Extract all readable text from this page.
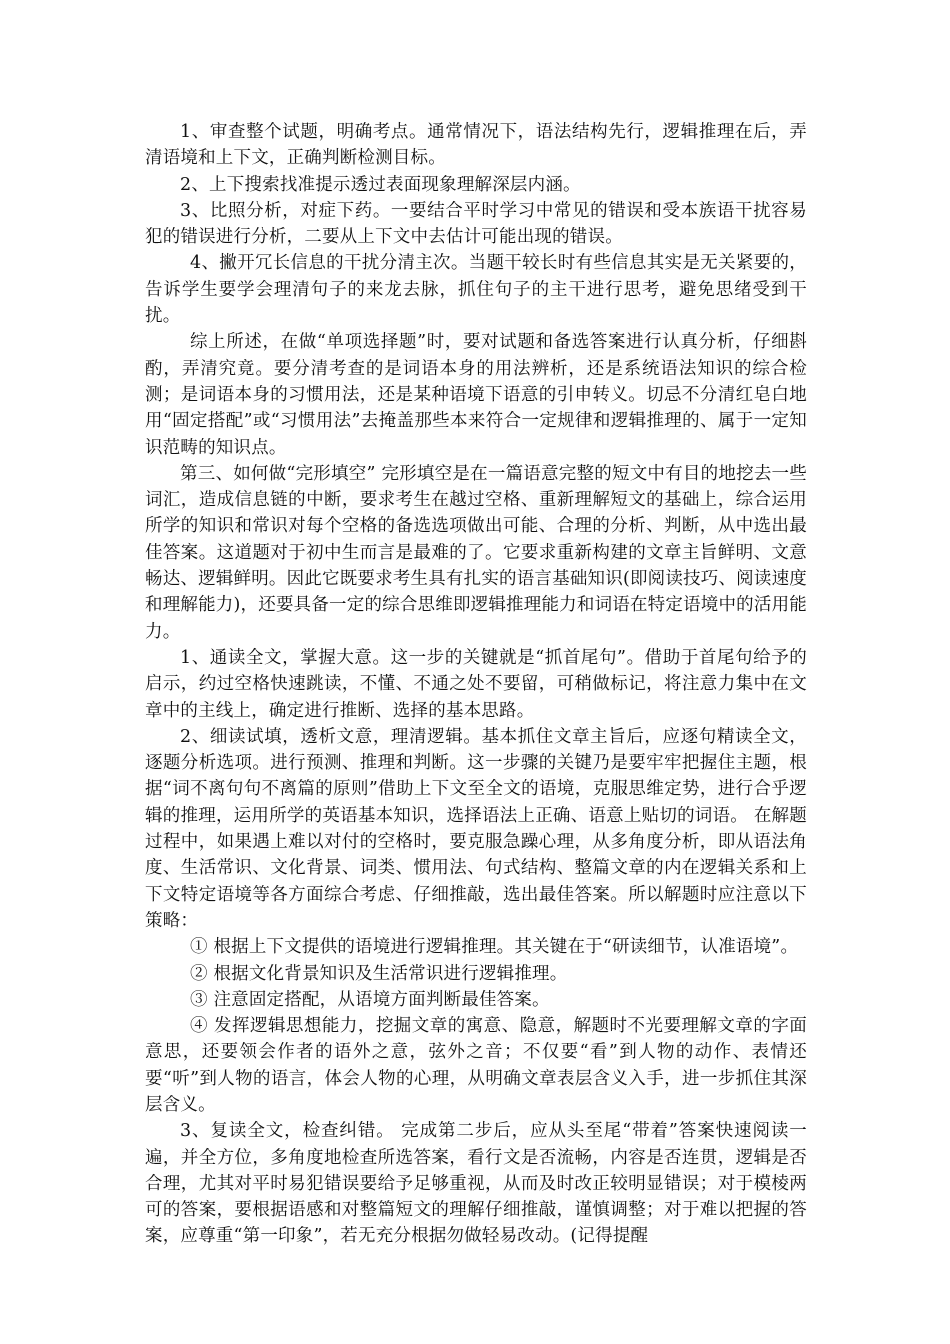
1、审查整个试题，明确考点。通常情况下，语法结构先行，逻辑推理在后，弄清语境和上下文，正确判断检测目标。

2、上下搜索找准提示透过表面现象理解深层内涵。

3、比照分析，对症下药。一要结合平时学习中常见的错误和受本族语干扰容易犯的错误进行分析，二要从上下文中去估计可能出现的错误。

4、撇开冗长信息的干扰分清主次。当题干较长时有些信息其实是无关紧要的，告诉学生要学会理清句子的来龙去脉，抓住句子的主干进行思考，避免思绪受到干扰。

综上所述，在做“单项选择题”时，要对试题和备选答案进行认真分析，仔细斟酌，弄清究竟。要分清考查的是词语本身的用法辨析，还是系统语法知识的综合检测；是词语本身的习惯用法，还是某种语境下语意的引申转义。切忌不分清红皂白地用“固定搭配”或“习惯用法”去掩盖那些本来符合一定规律和逻辑推理的、属于一定知识范畴的知识点。

第三、如何做“完形填空” 完形填空是在一篇语意完整的短文中有目的地挖去一些词汇，造成信息链的中断，要求考生在越过空格、重新理解短文的基础上，综合运用所学的知识和常识对每个空格的备选选项做出可能、合理的分析、判断，从中选出最佳答案。这道题对于初中生而言是最难的了。它要求重新构建的文章主旨鲜明、文意畅达、逻辑鲜明。因此它既要求考生具有扎实的语言基础知识(即阅读技巧、阅读速度和理解能力)，还要具备一定的综合思维即逻辑推理能力和词语在特定语境中的活用能力。

1、通读全文，掌握大意。这一步的关键就是“抓首尾句”。借助于首尾句给予的启示，约过空格快速跳读，不懂、不通之处不要留，可稍做标记，将注意力集中在文章中的主线上，确定进行推断、选择的基本思路。

2、细读试填，透析文意，理清逻辑。基本抓住文章主旨后，应逐句精读全文，逐题分析选项。进行预测、推理和判断。这一步骤的关键乃是要牢牢把握住主题，根据“词不离句句不离篇的原则”借助上下文至全文的语境，克服思维定势，进行合乎逻辑的推理，运用所学的英语基本知识，选择语法上正确、语意上贴切的词语。 在解题过程中，如果遇上难以对付的空格时，要克服急躁心理，从多角度分析，即从语法角度、生活常识、文化背景、词类、惯用法、句式结构、整篇文章的内在逻辑关系和上下文特定语境等各方面综合考虑、仔细推敲，选出最佳答案。所以解题时应注意以下策略：

① 根据上下文提供的语境进行逻辑推理。其关键在于“研读细节，认准语境”。

② 根据文化背景知识及生活常识进行逻辑推理。

③ 注意固定搭配，从语境方面判断最佳答案。

④ 发挥逻辑思想能力，挖掘文章的寓意、隐意，解题时不光要理解文章的字面意思，还要领会作者的语外之意，弦外之音；不仅要“看”到人物的动作、表情还要“听”到人物的语言，体会人物的心理，从明确文章表层含义入手，进一步抓住其深层含义。

3、复读全文，检查纠错。 完成第二步后，应从头至尾“带着”答案快速阅读一遍，并全方位，多角度地检查所选答案，看行文是否流畅，内容是否连贯，逻辑是否合理，尤其对平时易犯错误要给予足够重视，从而及时改正较明显错误；对于模棱两可的答案，要根据语感和对整篇短文的理解仔细推敲，谨慎调整；对于难以把握的答案，应尊重“第一印象”，若无充分根据勿做轻易改动。(记得提醒
